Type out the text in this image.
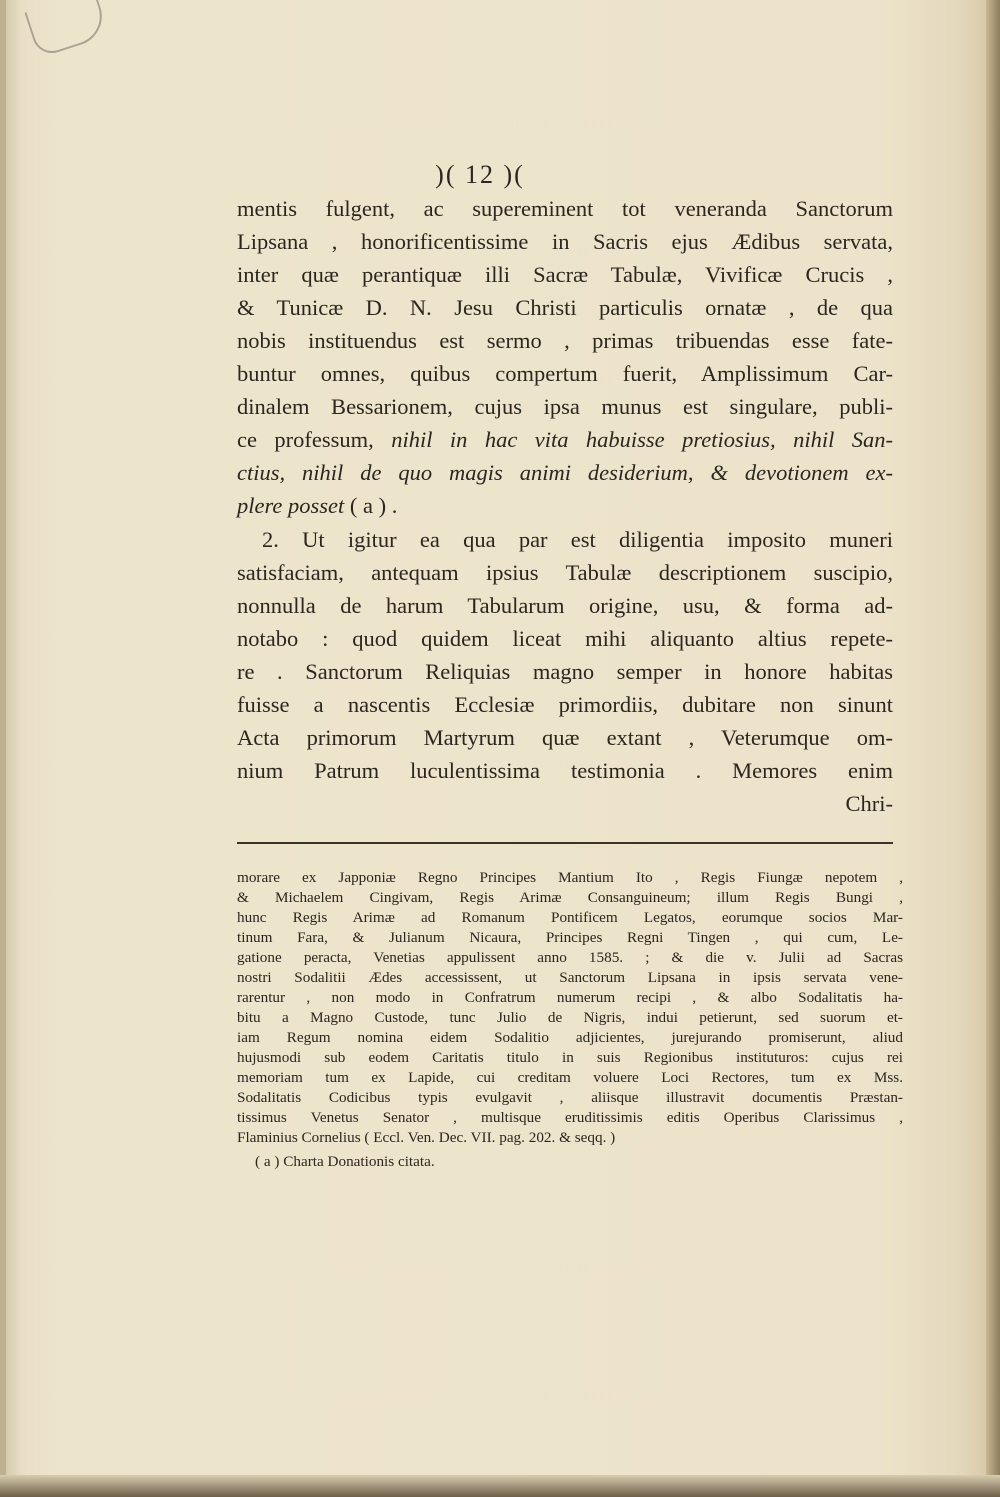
)( 12 )(
mentis fulgent, ac supereminent tot veneranda Sanctorum
Lipsana , honorificentissime in Sacris ejus Ædibus servata,
inter quæ perantiquæ illi Sacræ Tabulæ, Vivificæ Crucis ,
& Tunicæ D. N. Jesu Christi particulis ornatæ , de qua
nobis instituendus est sermo , primas tribuendas esse fate-
buntur omnes, quibus compertum fuerit, Amplissimum Car-
dinalem Bessarionem, cujus ipsa munus est singulare, publi-
ce professum, nihil in hac vita habuisse pretiosius, nihil San-
ctius, nihil de quo magis animi desiderium, & devotionem ex-
plere posset ( a ) .
2. Ut igitur ea qua par est diligentia imposito muneri
satisfaciam, antequam ipsius Tabulæ descriptionem suscipio,
nonnulla de harum Tabularum origine, usu, & forma ad-
notabo : quod quidem liceat mihi aliquanto altius repete-
re . Sanctorum Reliquias magno semper in honore habitas
fuisse a nascentis Ecclesiæ primordiis, dubitare non sinunt
Acta primorum Martyrum quæ extant , Veterumque om-
nium Patrum luculentissima testimonia . Memores enim
Chri-
morare ex Japponiæ Regno Principes Mantium Ito , Regis Fiungæ nepotem ,
& Michaelem Cingivam, Regis Arimæ Consanguineum; illum Regis Bungi ,
hunc Regis Arimæ ad Romanum Pontificem Legatos, eorumque socios Mar-
tinum Fara, & Julianum Nicaura, Principes Regni Tingen , qui cum, Le-
gatione peracta, Venetias appulissent anno 1585. ; & die v. Julii ad Sacras
nostri Sodalitii Ædes accessissent, ut Sanctorum Lipsana in ipsis servata vene-
rarentur , non modo in Confratrum numerum recipi , & albo Sodalitatis ha-
bitu a Magno Custode, tunc Julio de Nigris, indui petierunt, sed suorum et-
iam Regum nomina eidem Sodalitio adjicientes, jurejurando promiserunt, aliud
hujusmodi sub eodem Caritatis titulo in suis Regionibus instituturos: cujus rei
memoriam tum ex Lapide, cui creditam voluere Loci Rectores, tum ex Mss.
Sodalitatis Codicibus typis evulgavit , aliisque illustravit documentis Præstan-
tissimus Venetus Senator , multisque eruditissimis editis Operibus Clarissimus ,
Flaminius Cornelius ( Eccl. Ven. Dec. VII. pag. 202. & seqq. )
( a ) Charta Donationis citata.
